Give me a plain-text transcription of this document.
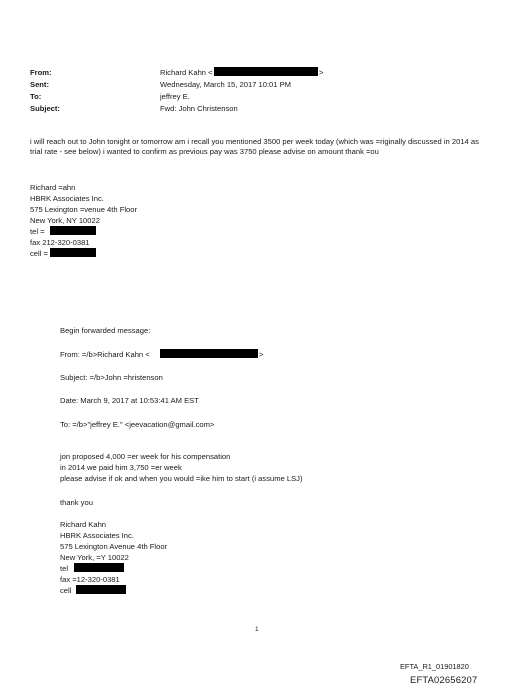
From:	Richard Kahn <	>
Sent:	Wednesday, March 15, 2017 10:01 PM
To:	jeffrey E.
Subject:	Fwd: John Christenson
i will reach out to John tonight or tomorrow am i recall you mentioned 3500 per week today (which was =riginally discussed in 2014 as trial rate - see below) i wanted to confirm as previous pay was 3750 please advise on amount thank =ou
Richard =ahn
HBRK Associates Inc.
575 Lexington =venue 4th Floor
New York, NY 10022
tel =
fax 212-320-0381
cell =
Begin forwarded message:
From: =/b>Richard Kahn <	>
Subject: =/b>John =hristenson
Date: March 9, 2017 at 10:53:41 AM EST
To: =/b>"jeffrey E." <jeevacation@gmail.com>
jon proposed 4,000 =er week for his compensation
in 2014 we paid him 3,750 =er week
please advise if ok and when you would =ike him to start (i assume LSJ)
thank you
Richard Kahn
HBRK Associates Inc.
575 Lexington Avenue 4th Floor
New York, =Y 10022
tel
fax =12-320-0381
cell
1
EFTA_R1_01901820
EFTA02656207
